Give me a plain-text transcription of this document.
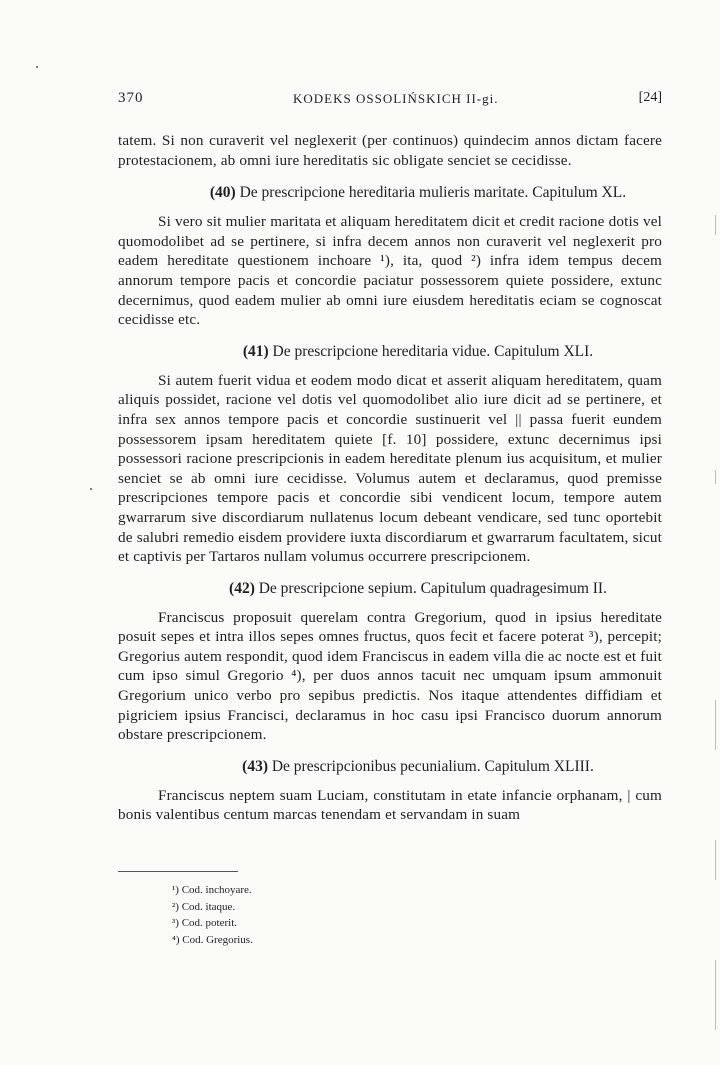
370	KODEKS OSSOLIŃSKICH II-gi.	[24]

tatem. Si non curaverit vel neglexerit (per continuos) quindecim annos dictam facere protestacionem, ab omni iure hereditatis sic obligate senciet se cecidisse.

(40) De prescripcione hereditaria mulieris maritate. Capitulum XL.

Si vero sit mulier maritata et aliquam hereditatem dicit et credit racione dotis vel quomodolibet ad se pertinere, si infra decem annos non curaverit vel neglexerit pro eadem hereditate questionem inchoare ¹), ita, quod ²) infra idem tempus decem annorum tempore pacis et concordie paciatur possessorem quiete possidere, extunc decernimus, quod eadem mulier ab omni iure eiusdem hereditatis eciam se cognoscat cecidisse etc.

(41) De prescripcione hereditaria vidue. Capitulum XLI.

Si autem fuerit vidua et eodem modo dicat et asserit aliquam hereditatem, quam aliquis possidet, racione vel dotis vel quomodolibet alio iure dicit ad se pertinere, et infra sex annos tempore pacis et concordie sustinuerit vel || passa fuerit eundem possessorem ipsam hereditatem quiete [f. 10] possidere, extunc decernimus ipsi possessori racione prescripcionis in eadem hereditate plenum ius acquisitum, et mulier senciet se ab omni iure cecidisse. Volumus autem et declaramus, quod premisse prescripciones tempore pacis et concordie sibi vendicent locum, tempore autem gwarrarum sive discordiarum nullatenus locum debeant vendicare, sed tunc oportebit de salubri remedio eisdem providere iuxta discordiarum et gwarrarum facultatem, sicut et captivis per Tartaros nullam volumus occurrere prescripcionem.

(42) De prescripcione sepium. Capitulum quadragesimum II.

Franciscus proposuit querelam contra Gregorium, quod in ipsius hereditate posuit sepes et intra illos sepes omnes fructus, quos fecit et facere poterat ³), percepit; Gregorius autem respondit, quod idem Franciscus in eadem villa die ac nocte est et fuit cum ipso simul Gregorio ⁴), per duos annos tacuit nec umquam ipsum ammonuit Gregorium unico verbo pro sepibus predictis. Nos itaque attendentes diffidiam et pigriciem ipsius Francisci, declaramus in hoc casu ipsi Francisco duorum annorum obstare prescripcionem.

(43) De prescripcionibus pecunialium. Capitulum XLIII.

Franciscus neptem suam Luciam, constitutam in etate infancie orphanam, | cum bonis valentibus centum marcas tenendam et servandam in suam

¹) Cod. inchoyare.
²) Cod. itaque.
³) Cod. poterit.
⁴) Cod. Gregorius.
